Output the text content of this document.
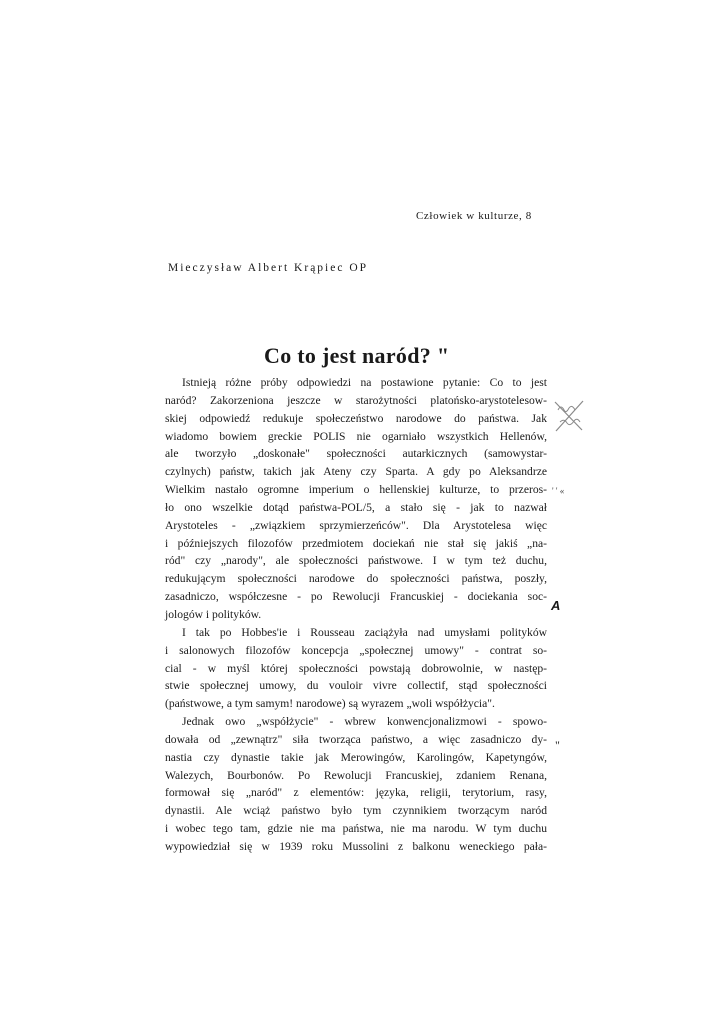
Człowiek w kulturze, 8
Mieczysław Albert Krąpiec OP
Co to jest naród? "
Istnieją różne próby odpowiedzi na postawione pytanie: Co to jest
naród? Zakorzeniona jeszcze w starożytności platońsko-arystotelesow-
skiej odpowiedź redukuje społeczeństwo narodowe do państwa. Jak
wiadomo bowiem greckie POLIS nie ogarniało wszystkich Hellenów,
ale tworzyło „doskonałe" społeczności autarkicznych (samowystar-
czylnych) państw, takich jak Ateny czy Sparta. A gdy po Aleksandrze
Wielkim nastało ogromne imperium o hellenskiej kulturze, to przeros-
ło ono wszelkie dotąd państwa-POL/5, a stało się - jak to nazwał
Arystoteles - „związkiem sprzymierzeńców". Dla Arystotelesa więc
i późniejszych filozofów przedmiotem dociekań nie stał się jakiś „na-
ród" czy „narody", ale społeczności państwowe. I w tym też duchu,
redukującym społeczności narodowe do społeczności państwa, poszły,
zasadniczo, współczesne - po Rewolucji Francuskiej - dociekania soc-
jologów i polityków.
I tak po Hobbes'ie i Rousseau zaciążyła nad umysłami polityków
i salonowych filozofów koncepcja „społecznej umowy" - contrat so-
cial - w myśl której społeczności powstają dobrowolnie, w następ-
stwie społecznej umowy, du vouloir vivre collectif, stąd społeczności
(państwowe, a tym samym! narodowe) są wyrazem „woli współżycia".
Jednak owo „współżycie" - wbrew konwencjonalizmowi - spowo-
dowała od „zewnątrz" siła tworząca państwo, a więc zasadniczo dy-
nastia czy dynastie takie jak Merowingów, Karolingów, Kapetyngów,
Walezych, Bourbonów. Po Rewolucji Francuskiej, zdaniem Renana,
formował się „naród" z elementów: języka, religii, terytorium, rasy,
dynastii. Ale wciąż państwo było tym czynnikiem tworzącym naród
i wobec tego tam, gdzie nie ma państwa, nie ma narodu. W tym duchu
wypowiedział się w 1939 roku Mussolini z balkonu weneckiego pała-
' ' «
A
"
